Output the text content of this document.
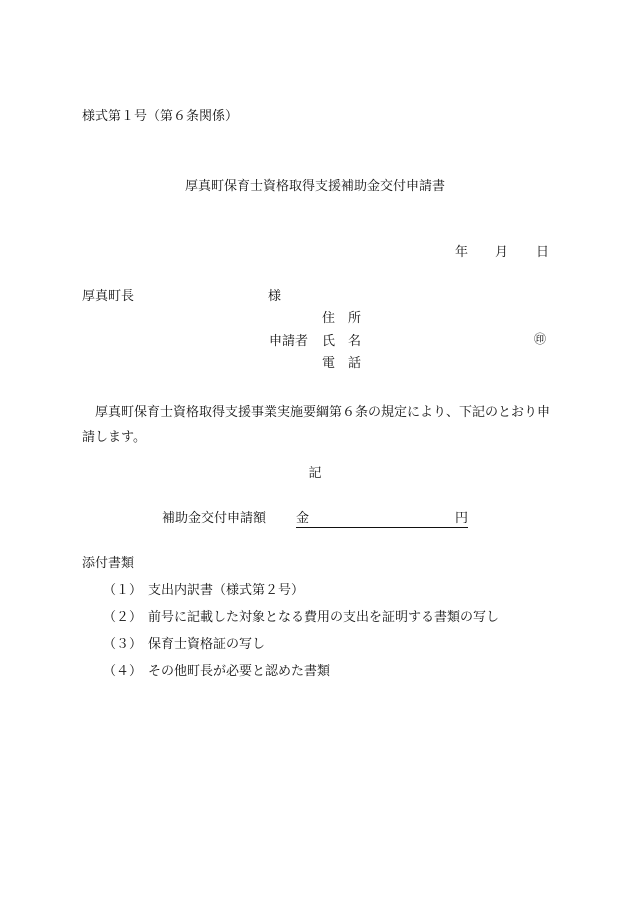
様式第１号（第６条関係）
厚真町保育士資格取得支援補助金交付申請書
年 月 日
厚真町長	様
住所
申請者 氏名	㊞
電話
厚真町保育士資格取得支援事業実施要綱第６条の規定により、下記のとおり申請します。
記
補助金交付申請額 金	円
添付書類
（１） 支出内訳書（様式第２号）
（２） 前号に記載した対象となる費用の支出を証明する書類の写し
（３） 保育士資格証の写し
（４） その他町長が必要と認めた書類
